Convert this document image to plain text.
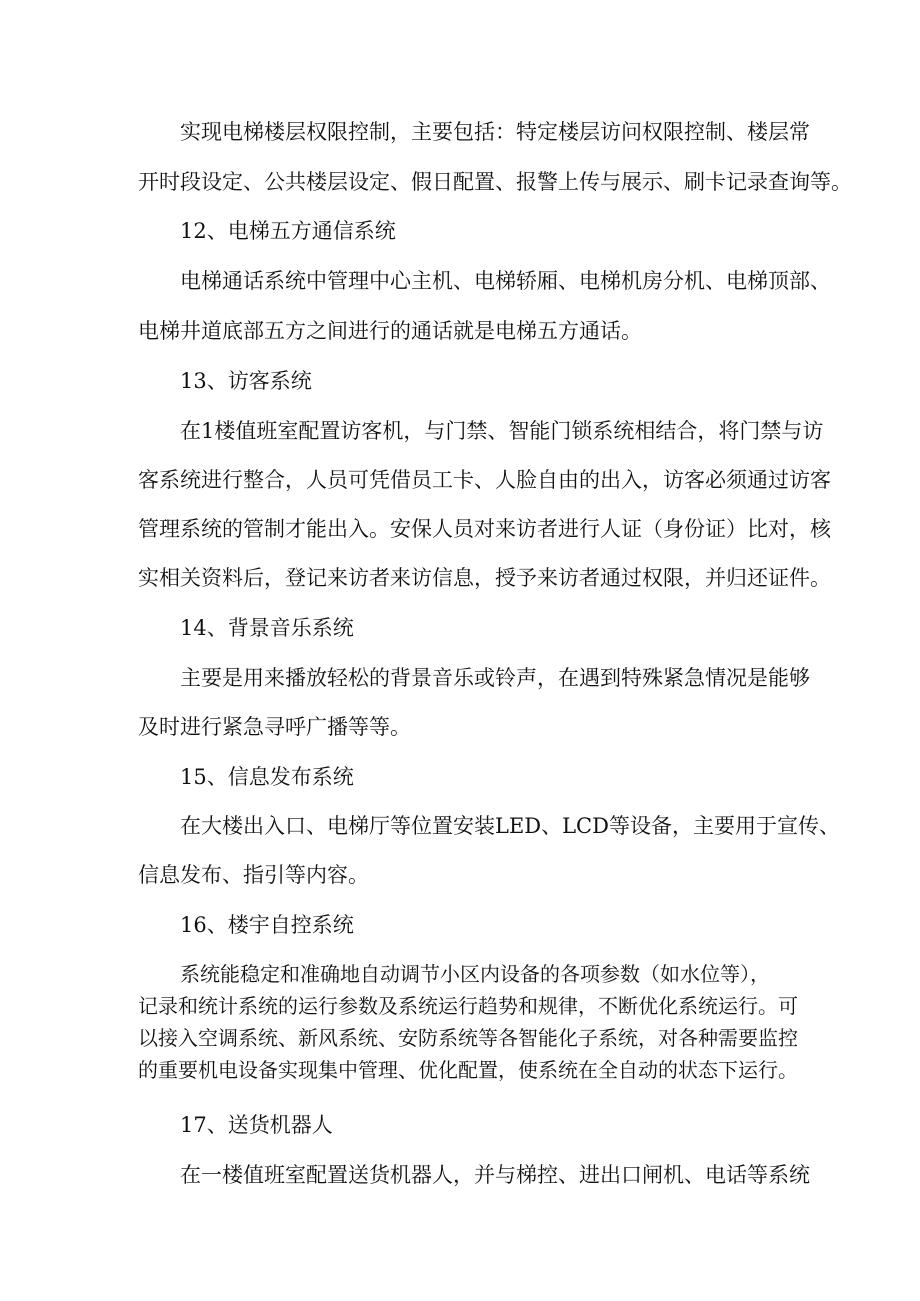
实现电梯楼层权限控制，主要包括：特定楼层访问权限控制、楼层常
开时段设定、公共楼层设定、假日配置、报警上传与展示、刷卡记录查询等。
12、电梯五方通信系统
电梯通话系统中管理中心主机、电梯轿厢、电梯机房分机、电梯顶部、
电梯井道底部五方之间进行的通话就是电梯五方通话。
13、访客系统
在1楼值班室配置访客机，与门禁、智能门锁系统相结合，将门禁与访
客系统进行整合，人员可凭借员工卡、人脸自由的出入，访客必须通过访客
管理系统的管制才能出入。安保人员对来访者进行人证（身份证）比对，核
实相关资料后，登记来访者来访信息，授予来访者通过权限，并归还证件。
14、背景音乐系统
主要是用来播放轻松的背景音乐或铃声，在遇到特殊紧急情况是能够
及时进行紧急寻呼广播等等。
15、信息发布系统
在大楼出入口、电梯厅等位置安装LED、LCD等设备，主要用于宣传、
信息发布、指引等内容。
16、楼宇自控系统
系统能稳定和准确地自动调节小区内设备的各项参数（如水位等），
记录和统计系统的运行参数及系统运行趋势和规律，不断优化系统运行。可
以接入空调系统、新风系统、安防系统等各智能化子系统，对各种需要监控
的重要机电设备实现集中管理、优化配置，使系统在全自动的状态下运行。
17、送货机器人
在一楼值班室配置送货机器人，并与梯控、进出口闸机、电话等系统
